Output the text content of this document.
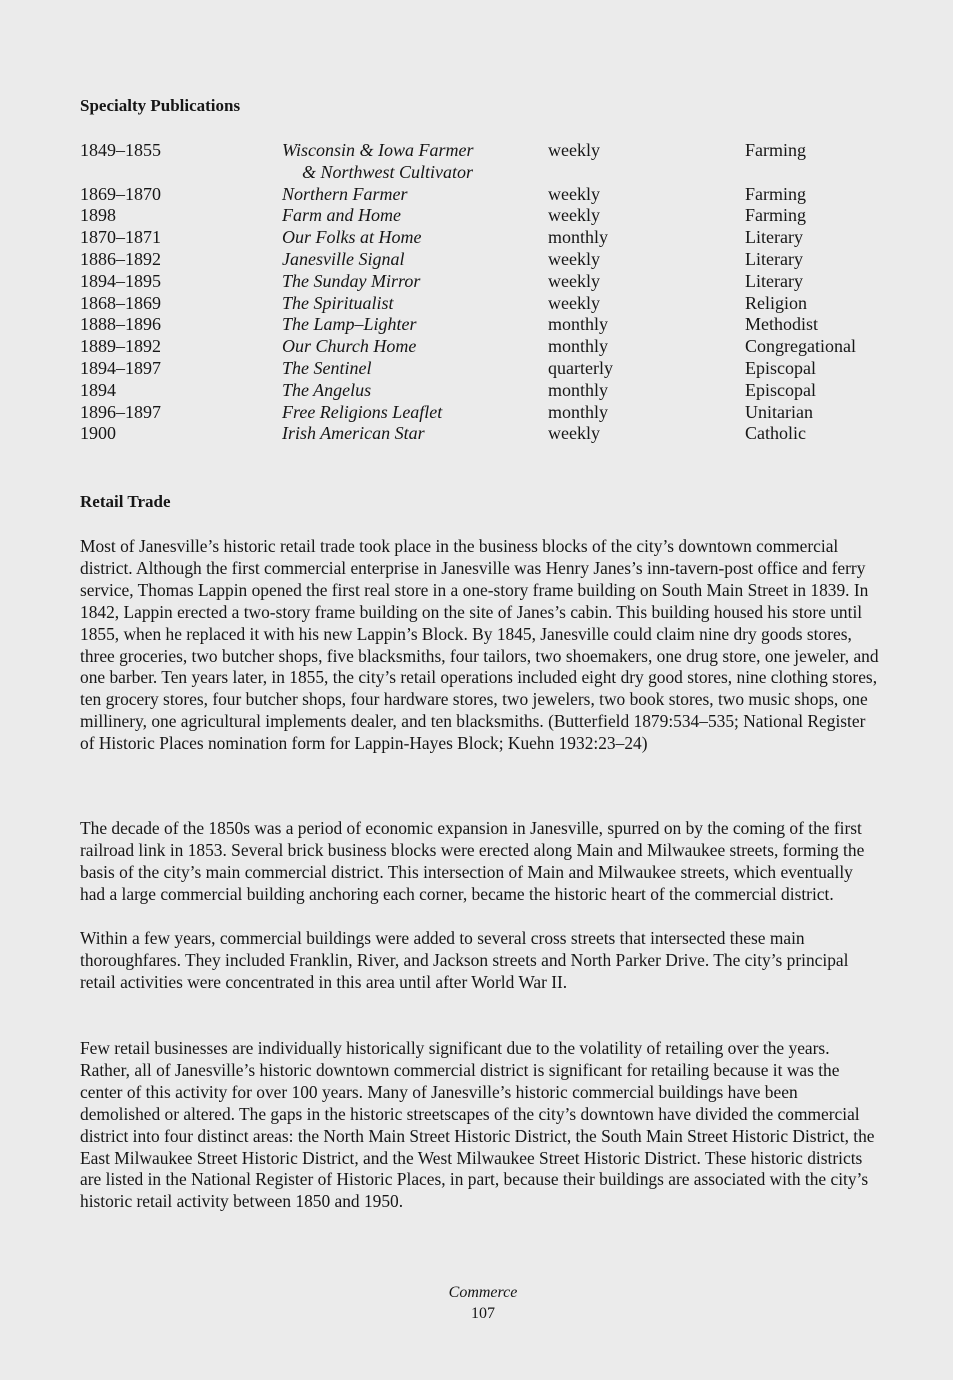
Specialty Publications
1849–1855	Wisconsin & Iowa Farmer	weekly	Farming
& Northwest Cultivator
1869–1870	Northern Farmer	weekly	Farming
1898	Farm and Home	weekly	Farming
1870–1871	Our Folks at Home	monthly	Literary
1886–1892	Janesville Signal	weekly	Literary
1894–1895	The Sunday Mirror	weekly	Literary
1868–1869	The Spiritualist	weekly	Religion
1888–1896	The Lamp–Lighter	monthly	Methodist
1889–1892	Our Church Home	monthly	Congregational
1894–1897	The Sentinel	quarterly	Episcopal
1894	The Angelus	monthly	Episcopal
1896–1897	Free Religions Leaflet	monthly	Unitarian
1900	Irish American Star	weekly	Catholic
Retail Trade

Most of Janesville’s historic retail trade took place in the business blocks of the city’s downtown commercial district. Although the first commercial enterprise in Janesville was Henry Janes’s inn-tavern-post office and ferry service, Thomas Lappin opened the first real store in a one-story frame building on South Main Street in 1839. In 1842, Lappin erected a two-story frame building on the site of Janes’s cabin. This building housed his store until 1855, when he replaced it with his new Lappin’s Block. By 1845, Janesville could claim nine dry goods stores, three groceries, two butcher shops, five blacksmiths, four tailors, two shoemakers, one drug store, one jeweler, and one barber. Ten years later, in 1855, the city’s retail operations included eight dry good stores, nine clothing stores, ten grocery stores, four butcher shops, four hardware stores, two jewelers, two book stores, two music shops, one millinery, one agricultural implements dealer, and ten blacksmiths. (Butterfield 1879:534–535; National Register of Historic Places nomination form for Lappin-Hayes Block; Kuehn 1932:23–24)

The decade of the 1850s was a period of economic expansion in Janesville, spurred on by the coming of the first railroad link in 1853. Several brick business blocks were erected along Main and Milwaukee streets, forming the basis of the city’s main commercial district. This intersection of Main and Milwaukee streets, which eventually had a large commercial building anchoring each corner, became the historic heart of the commercial district.

Within a few years, commercial buildings were added to several cross streets that intersected these main thoroughfares. They included Franklin, River, and Jackson streets and North Parker Drive. The city’s principal retail activities were concentrated in this area until after World War II.

Few retail businesses are individually historically significant due to the volatility of retailing over the years. Rather, all of Janesville’s historic downtown commercial district is significant for retailing because it was the center of this activity for over 100 years. Many of Janesville’s historic commercial buildings have been demolished or altered. The gaps in the historic streetscapes of the city’s downtown have divided the commercial district into four distinct areas: the North Main Street Historic District, the South Main Street Historic District, the East Milwaukee Street Historic District, and the West Milwaukee Street Historic District. These historic districts are listed in the National Register of Historic Places, in part, because their buildings are associated with the city’s historic retail activity between 1850 and 1950.

Commerce
107
